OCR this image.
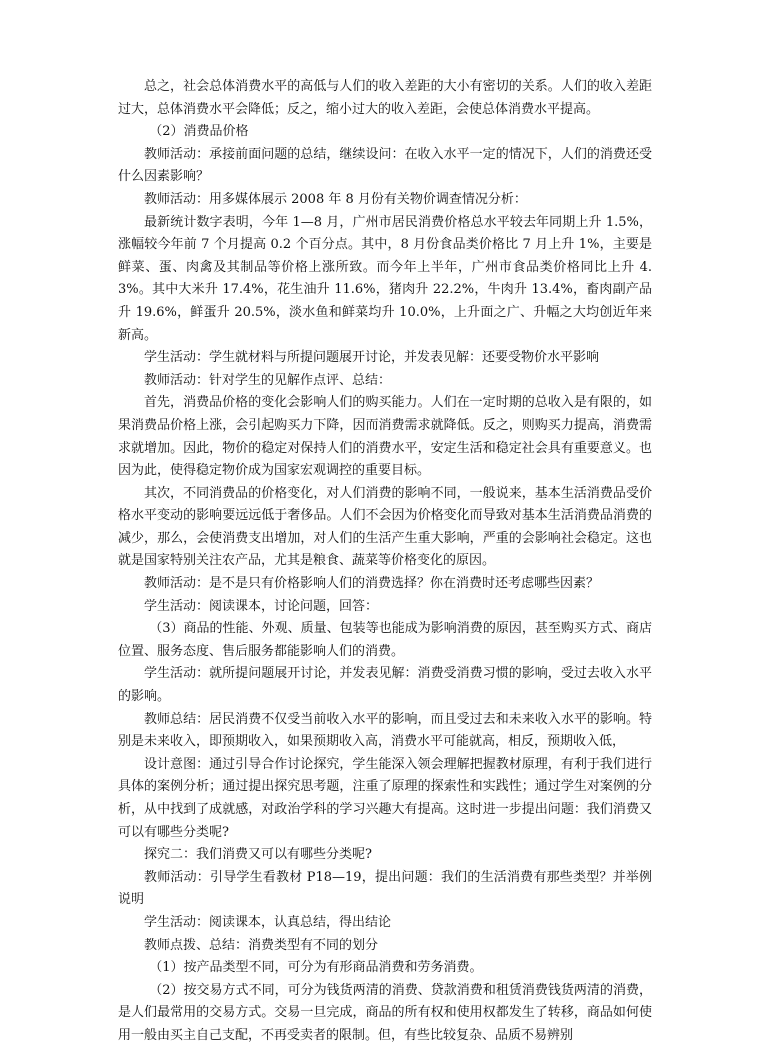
总之，社会总体消费水平的高低与人们的收入差距的大小有密切的关系。人们的收入差距过大，总体消费水平会降低；反之，缩小过大的收入差距，会使总体消费水平提高。

（2）消费品价格

教师活动：承接前面问题的总结，继续设问：在收入水平一定的情况下，人们的消费还受什么因素影响？

教师活动：用多媒体展示 2008 年 8 月份有关物价调查情况分析：

最新统计数字表明，今年 1—8 月，广州市居民消费价格总水平较去年同期上升 1.5%，涨幅较今年前 7 个月提高 0.2 个百分点。其中，8 月份食品类价格比 7 月上升 1%，主要是鲜菜、蛋、肉禽及其制品等价格上涨所致。而今年上半年，广州市食品类价格同比上升 4.3%。其中大米升 17.4%，花生油升 11.6%，猪肉升 22.2%，牛肉升 13.4%，畜肉副产品升 19.6%，鲜蛋升 20.5%，淡水鱼和鲜菜均升 10.0%，上升面之广、升幅之大均创近年来新高。

学生活动：学生就材料与所提问题展开讨论，并发表见解：还要受物价水平影响

教师活动：针对学生的见解作点评、总结：

首先，消费品价格的变化会影响人们的购买能力。人们在一定时期的总收入是有限的，如果消费品价格上涨，会引起购买力下降，因而消费需求就降低。反之，则购买力提高，消费需求就增加。因此，物价的稳定对保持人们的消费水平，安定生活和稳定社会具有重要意义。也因为此，使得稳定物价成为国家宏观调控的重要目标。

其次，不同消费品的价格变化，对人们消费的影响不同，一般说来，基本生活消费品受价格水平变动的影响要远远低于奢侈品。人们不会因为价格变化而导致对基本生活消费品消费的减少，那么，会使消费支出增加，对人们的生活产生重大影响，严重的会影响社会稳定。这也就是国家特别关注农产品，尤其是粮食、蔬菜等价格变化的原因。

教师活动：是不是只有价格影响人们的消费选择？你在消费时还考虑哪些因素？

学生活动：阅读课本，讨论问题，回答：

（3）商品的性能、外观、质量、包装等也能成为影响消费的原因，甚至购买方式、商店位置、服务态度、售后服务都能影响人们的消费。

学生活动：就所提问题展开讨论，并发表见解：消费受消费习惯的影响，受过去收入水平的影响。

教师总结：居民消费不仅受当前收入水平的影响，而且受过去和未来收入水平的影响。特别是未来收入，即预期收入，如果预期收入高，消费水平可能就高，相反，预期收入低，

设计意图：通过引导合作讨论探究，学生能深入领会理解把握教材原理，有利于我们进行具体的案例分析；通过提出探究思考题，注重了原理的探索性和实践性；通过学生对案例的分析，从中找到了成就感，对政治学科的学习兴趣大有提高。这时进一步提出问题：我们消费又可以有哪些分类呢?

探究二：我们消费又可以有哪些分类呢?

教师活动：引导学生看教材 P18—19，提出问题：我们的生活消费有那些类型？并举例说明

学生活动：阅读课本，认真总结，得出结论

教师点拨、总结：消费类型有不同的划分

（1）按产品类型不同，可分为有形商品消费和劳务消费。

（2）按交易方式不同，可分为钱货两清的消费、贷款消费和租赁消费钱货两清的消费，是人们最常用的交易方式。交易一旦完成，商品的所有权和使用权都发生了转移，商品如何使用一般由买主自己支配，不再受卖者的限制。但，有些比较复杂、品质不易辨别
